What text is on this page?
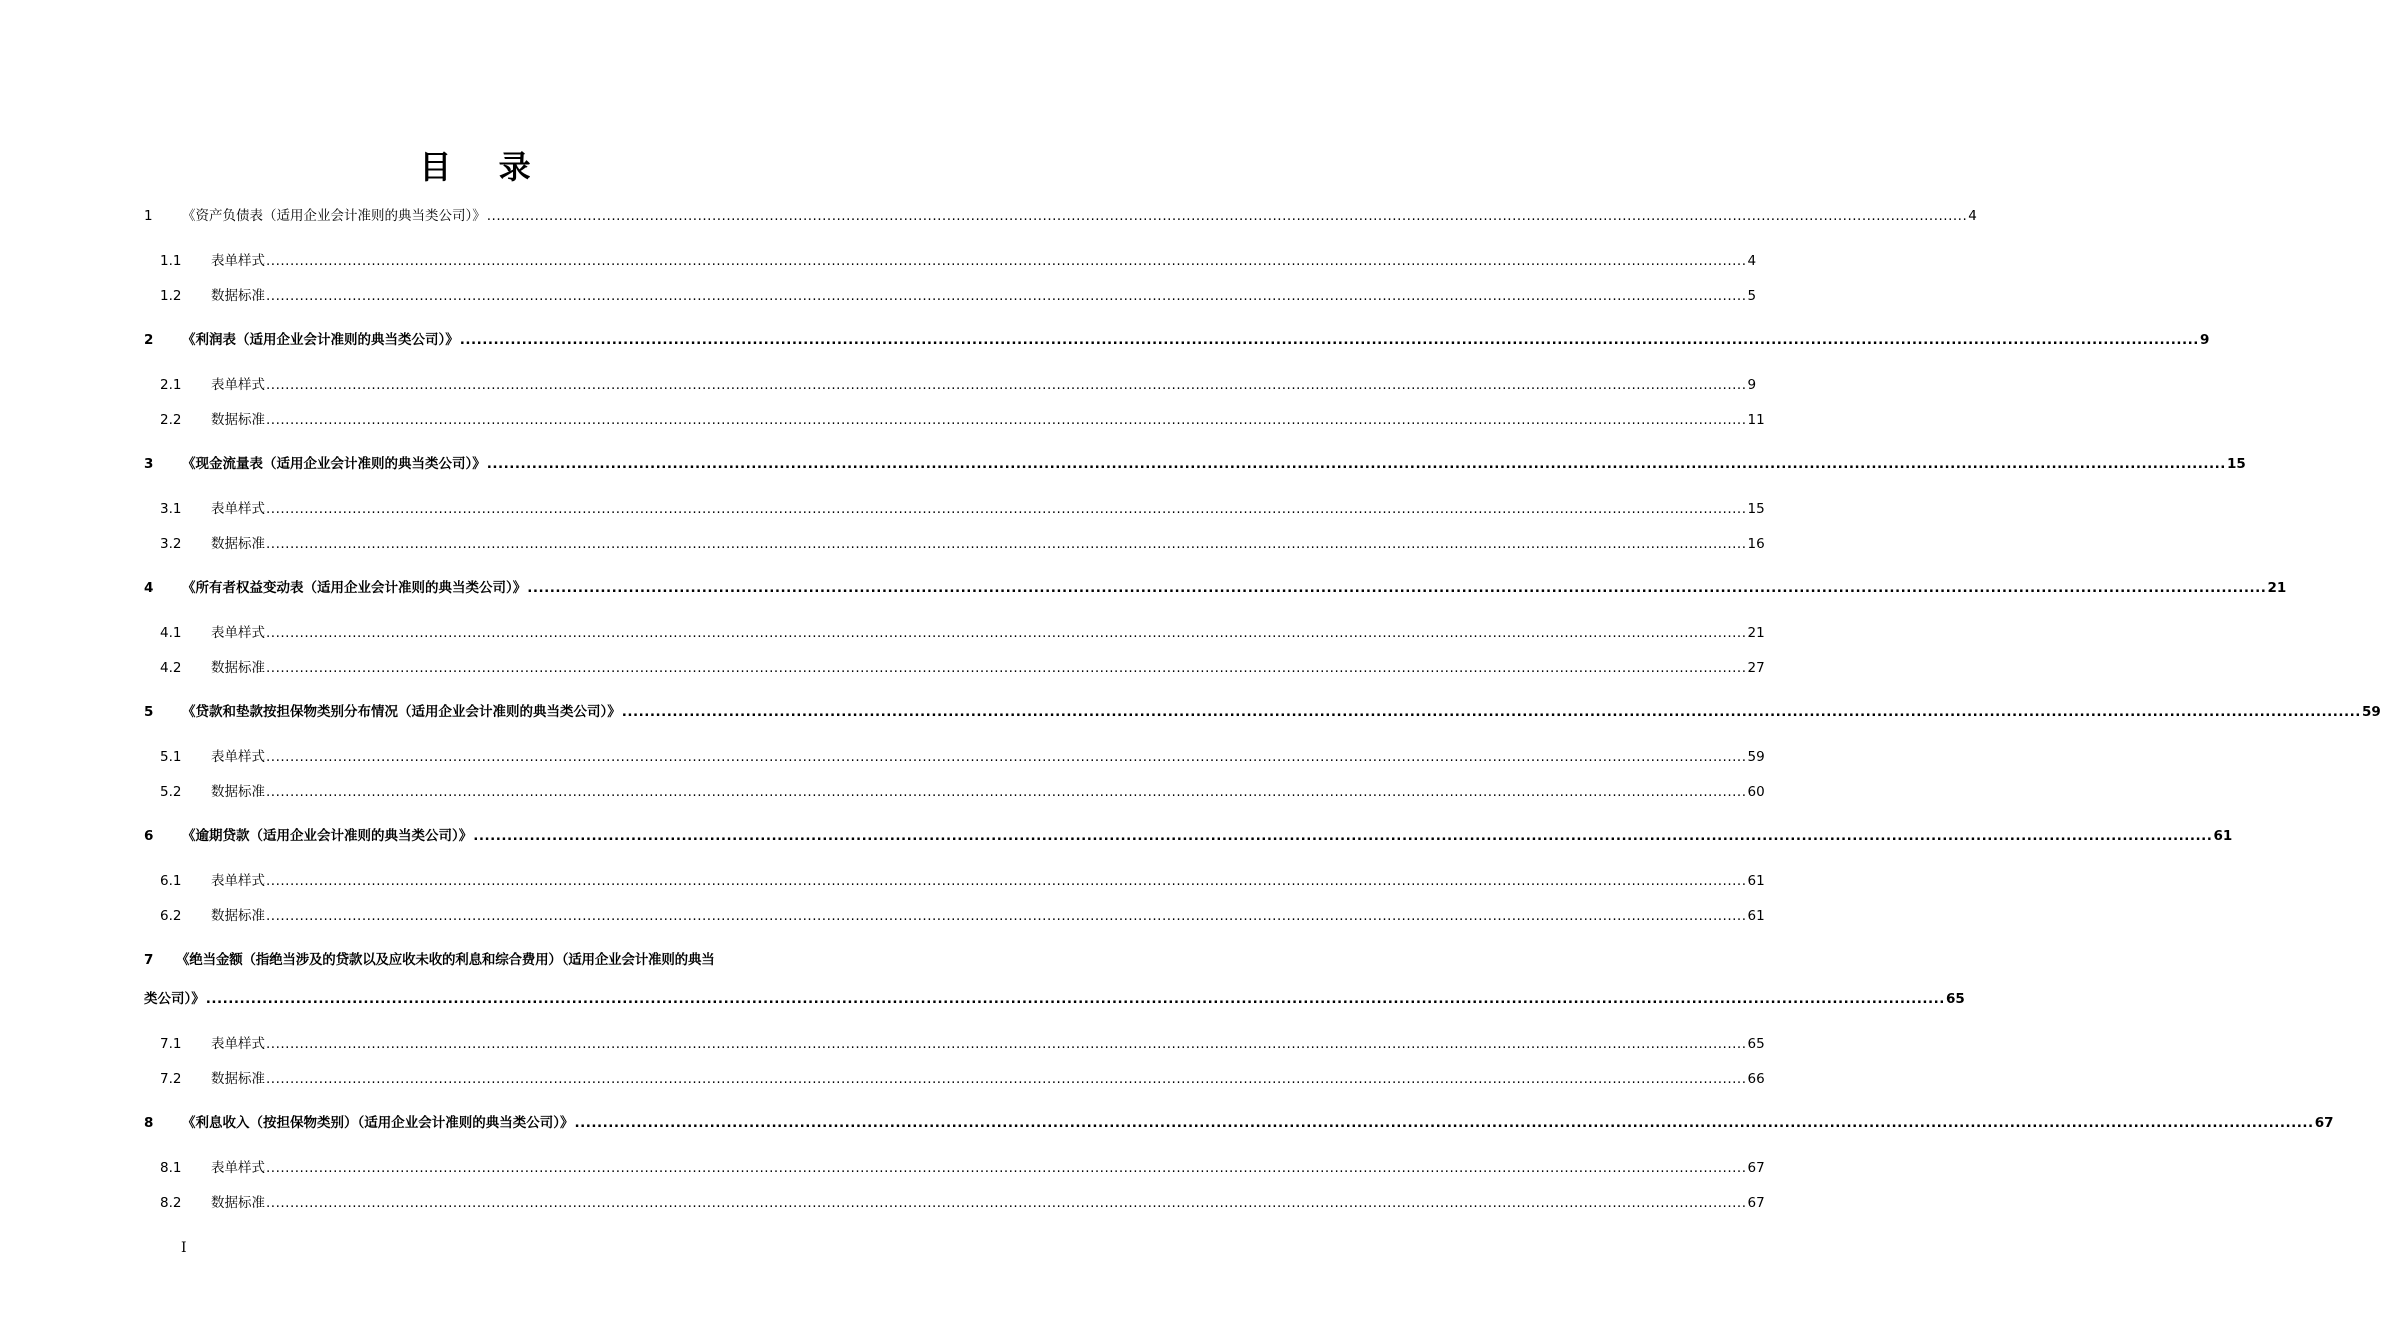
目 录
1	《资产负债表（适用企业会计准则的典当类公司）》 .....	4
1.1	表单样式 .....	4
1.2	数据标准 .....	5
2	《利润表（适用企业会计准则的典当类公司）》 .....	9
2.1	表单样式 .....	9
2.2	数据标准 .....	11
3	《现金流量表（适用企业会计准则的典当类公司）》 .....	15
3.1	表单样式 .....	15
3.2	数据标准 .....	16
4	《所有者权益变动表（适用企业会计准则的典当类公司）》 .....	21
4.1	表单样式 .....	21
4.2	数据标准 .....	27
5	《贷款和垫款按担保物类别分布情况（适用企业会计准则的典当类公司）》 .....	59
5.1	表单样式 .....	59
5.2	数据标准 .....	60
6	《逾期贷款（适用企业会计准则的典当类公司）》 .....	61
6.1	表单样式 .....	61
6.2	数据标准 .....	61
7	《绝当金额（指绝当涉及的贷款以及应收未收的利息和综合费用）（适用企业会计准则的典当
类公司）》 .....	65
7.1	表单样式 .....	65
7.2	数据标准 .....	66
8	《利息收入（按担保物类别）（适用企业会计准则的典当类公司）》 .....	67
8.1	表单样式 .....	67
8.2	数据标准 .....	67
I
